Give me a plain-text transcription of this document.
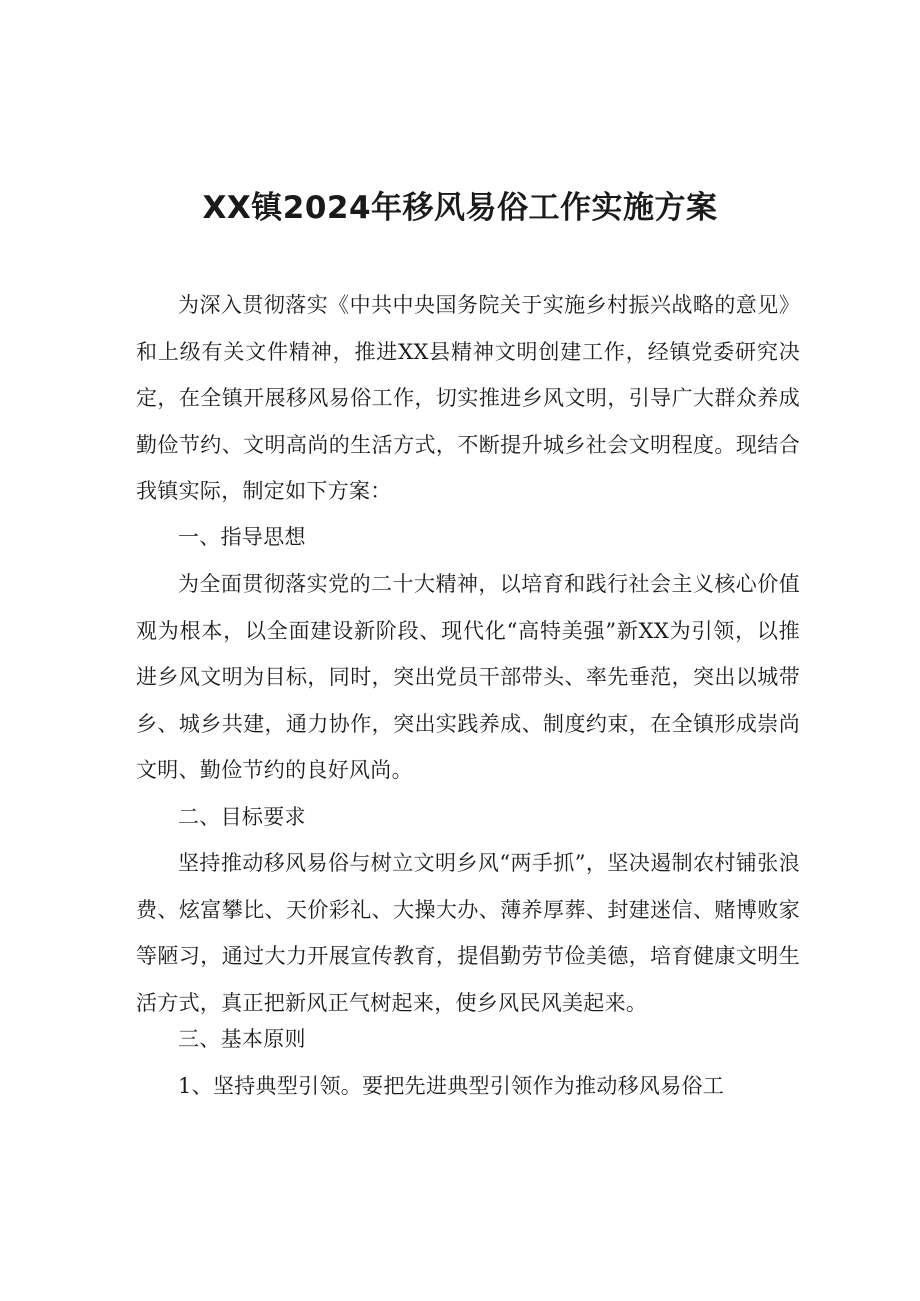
XX镇2024年移风易俗工作实施方案

为深入贯彻落实《中共中央国务院关于实施乡村振兴战略的意见》和上级有关文件精神，推进XX县精神文明创建工作，经镇党委研究决定，在全镇开展移风易俗工作，切实推进乡风文明，引导广大群众养成勤俭节约、文明高尚的生活方式，不断提升城乡社会文明程度。现结合我镇实际，制定如下方案：

一、指导思想

为全面贯彻落实党的二十大精神，以培育和践行社会主义核心价值观为根本，以全面建设新阶段、现代化“高特美强”新XX为引领，以推进乡风文明为目标，同时，突出党员干部带头、率先垂范，突出以城带乡、城乡共建，通力协作，突出实践养成、制度约束，在全镇形成崇尚文明、勤俭节约的良好风尚。

二、目标要求

坚持推动移风易俗与树立文明乡风“两手抓”，坚决遏制农村铺张浪费、炫富攀比、天价彩礼、大操大办、薄养厚葬、封建迷信、赌博败家等陋习，通过大力开展宣传教育，提倡勤劳节俭美德，培育健康文明生活方式，真正把新风正气树起来，使乡风民风美起来。

三、基本原则

1、坚持典型引领。要把先进典型引领作为推动移风易俗工
